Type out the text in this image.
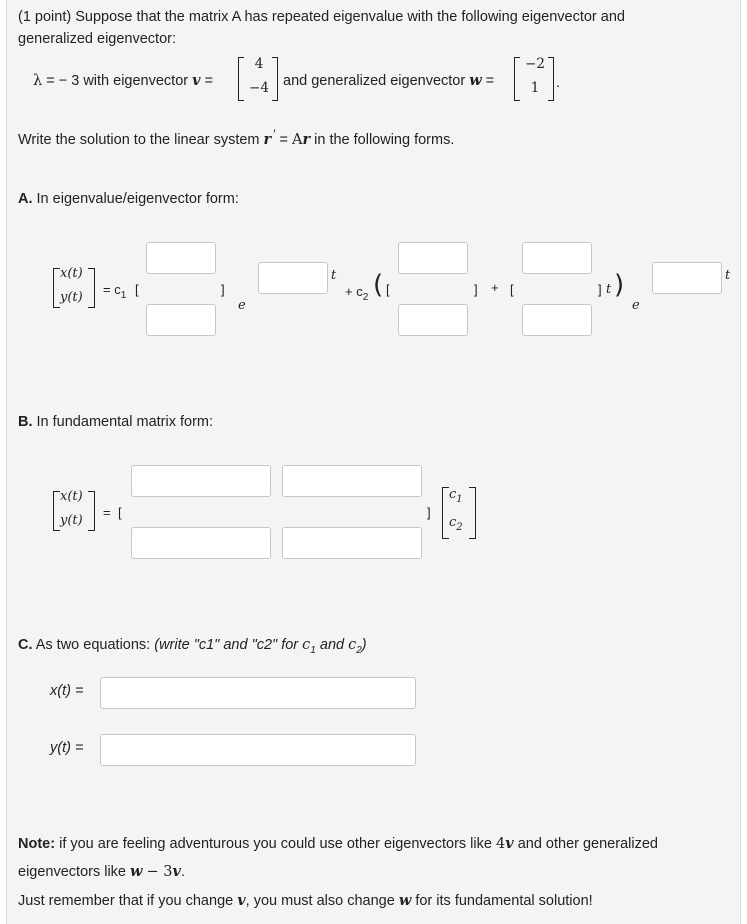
(1 point) Suppose that the matrix A has repeated eigenvalue with the following eigenvector and
generalized eigenvector:
λ = − 3 with eigenvector v =
4
−4 and generalized eigenvector w =
−2
1	.
Write the solution to the linear system r ′ = Ar in the following forms.
A. In eigenvalue/eigenvector form:
x(t)
y(t)
= $c_1$ [	]
e
t
+ $c_2$ ( [	] + [	] t )
e
t
B. In fundamental matrix form:
x(t)
y(t)
= [	]
$c_1$
$c_2$
C. As two equations: (write "c1" and "c2" for $c_1$ and $c_2$)
x(t) =
y(t) =
Note: if you are feeling adventurous you could use other eigenvectors like 4v and other generalized
eigenvectors like w − 3v.
Just remember that if you change v, you must also change w for its fundamental solution!
